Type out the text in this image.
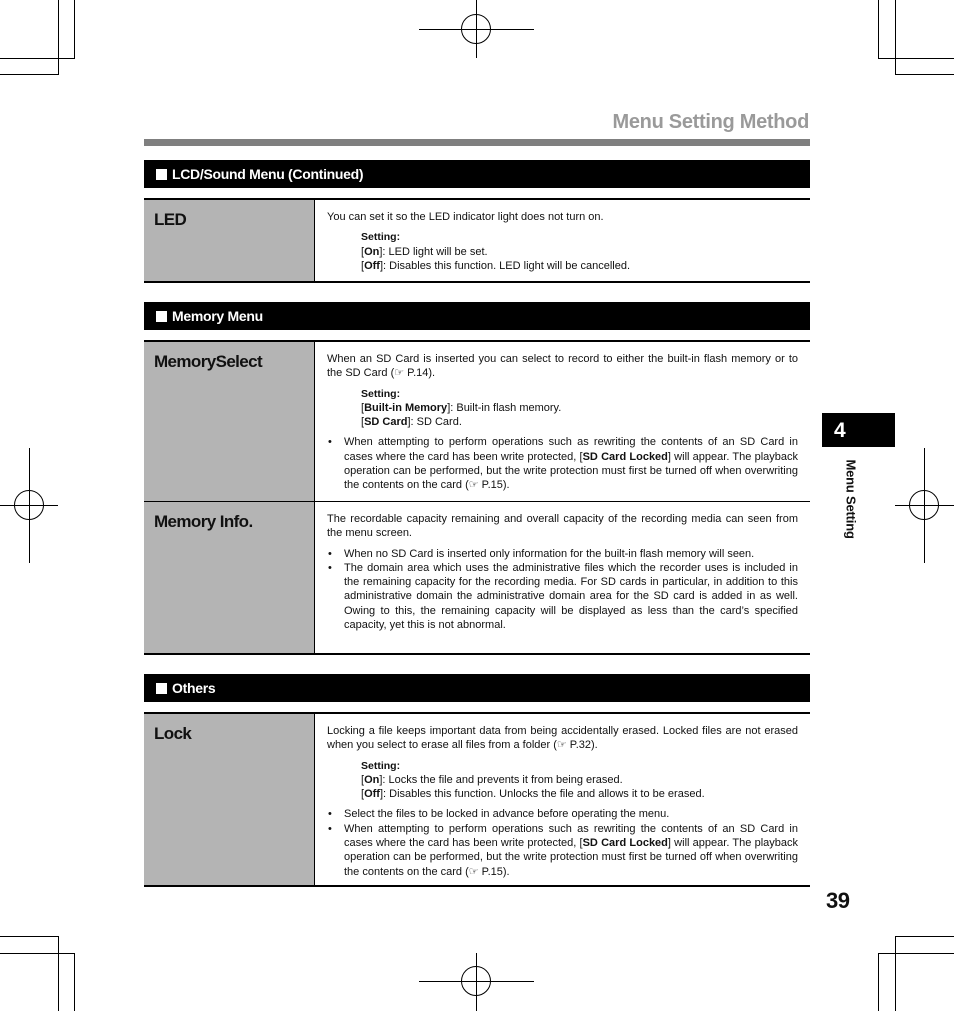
Menu Setting Method
LCD/Sound Menu (Continued)
LED	You can set it so the LED indicator light does not turn on.

Setting:
[On]: LED light will be set.
[Off]: Disables this function. LED light will be cancelled.
Memory Menu
MemorySelect	When an SD Card is inserted you can select to record to either the built-in flash memory or to the SD Card (☞ P.14).

Setting:
[Built-in Memory]: Built-in flash memory.
[SD Card]: SD Card.
• When attempting to perform operations such as rewriting the contents of an SD Card in cases where the card has been write protected, [SD Card Locked] will appear. The playback operation can be performed, but the write protection must first be turned off when overwriting the contents on the card (☞ P.15).
Memory Info.	The recordable capacity remaining and overall capacity of the recording media can seen from the menu screen.

• When no SD Card is inserted only information for the built-in flash memory will seen.
• The domain area which uses the administrative files which the recorder uses is included in the remaining capacity for the recording media. For SD cards in particular, in addition to this administrative domain the administrative domain area for the SD card is added in as well. Owing to this, the remaining capacity will be displayed as less than the card’s specified capacity, yet this is not abnormal.
Others
Lock	Locking a file keeps important data from being accidentally erased. Locked files are not erased when you select to erase all files from a folder (☞ P.32).

Setting:
[On]: Locks the file and prevents it from being erased.
[Off]: Disables this function. Unlocks the file and allows it to be erased.
• Select the files to be locked in advance before operating the menu.
• When attempting to perform operations such as rewriting the contents of an SD Card in cases where the card has been write protected, [SD Card Locked] will appear. The playback operation can be performed, but the write protection must first be turned off when overwriting the contents on the card (☞ P.15).
4
Menu Setting
39
